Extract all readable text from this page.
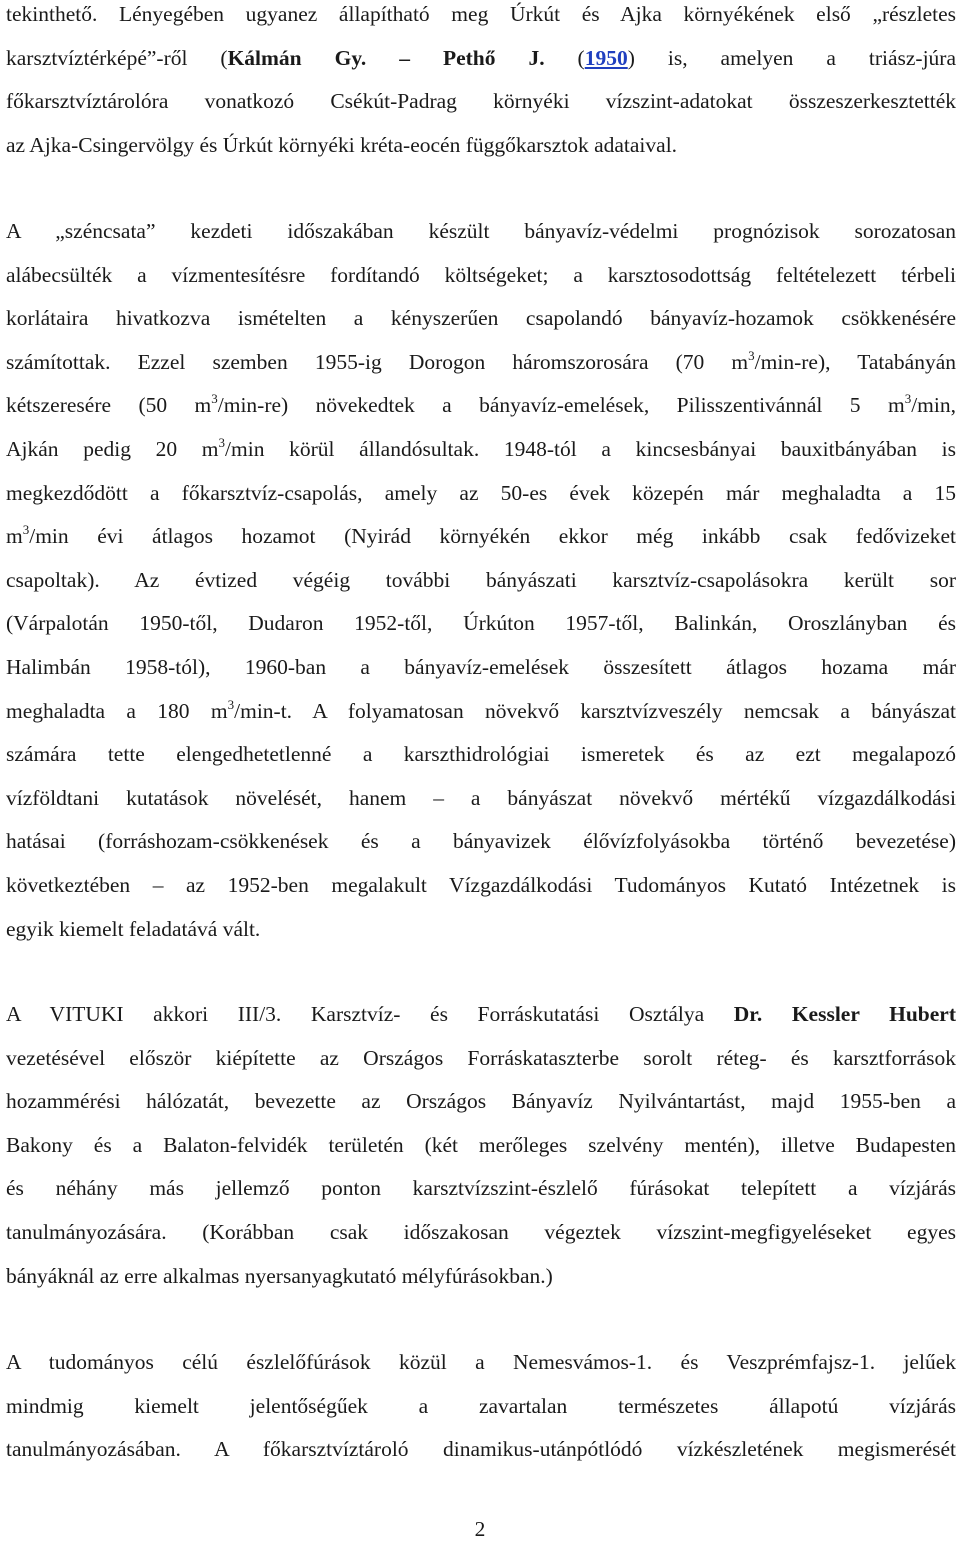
tekinthető. Lényegében ugyanez állapítható meg Úrkút és Ajka környékének első „részletes
karsztvíztérképé”-ről (Kálmán Gy. – Pethő J. (1950) is, amelyen a triász-júra
főkarsztvíztárolóra vonatkozó Csékút-Padrag környéki vízszint-adatokat összeszerkesztették
az Ajka-Csingervölgy és Úrkút környéki kréta-eocén függőkarsztok adataival.
A „széncsata” kezdeti időszakában készült bányavíz-védelmi prognózisok sorozatosan
alábecsülték a vízmentesítésre fordítandó költségeket; a karsztosodottság feltételezett térbeli
korlátaira hivatkozva ismételten a kényszerűen csapolandó bányavíz-hozamok csökkenésére
számítottak. Ezzel szemben 1955-ig Dorogon háromszorosára (70 $m^3/\min-re$), Tatabányán
kétszeresére (50 $m^3/\min-re$) növekedtek a bányavíz-emelések, Pilisszentivánnál 5 $m^3/\min$,
Ajkán pedig 20 $m^3/\min$ körül állandósultak. 1948-tól a kincsesbányai bauxitbányában is
megkezdődött a főkarsztvíz-csapolás, amely az 50-es évek közepén már meghaladta a 15
$m^3/\min$ évi átlagos hozamot (Nyirád környékén ekkor még inkább csak fedővizeket
csapoltak). Az évtized végéig további bányászati karsztvíz-csapolásokra került sor
(Várpalotán 1950-től, Dudaron 1952-től, Úrkúton 1957-től, Balinkán, Oroszlányban és
Halimbán 1958-tól), 1960-ban a bányavíz-emelések összesített átlagos hozama már
meghaladta a 180 $m^3/\min-t$. A folyamatosan növekvő karsztvízveszély nemcsak a bányászat
számára tette elengedhetetlenné a karszthidrológiai ismeretek és az ezt megalapozó
vízföldtani kutatások növelését, hanem – a bányászat növekvő mértékű vízgazdálkodási
hatásai (forráshozam-csökkenések és a bányavizek élővízfolyásokba történő bevezetése)
következtében – az 1952-ben megalakult Vízgazdálkodási Tudományos Kutató Intézetnek is
egyik kiemelt feladatává vált.
A VITUKI akkori III/3. Karsztvíz- és Forráskutatási Osztálya Dr. Kessler Hubert
vezetésével először kiépítette az Országos Forráskataszterbe sorolt réteg- és karsztforrások
hozammérési hálózatát, bevezette az Országos Bányavíz Nyilvántartást, majd 1955-ben a
Bakony és a Balaton-felvidék területén (két merőleges szelvény mentén), illetve Budapesten
és néhány más jellemző ponton karsztvízszint-észlelő fúrásokat telepített a vízjárás
tanulmányozására. (Korábban csak időszakosan végeztek vízszint-megfigyeléseket egyes
bányáknál az erre alkalmas nyersanyagkutató mélyfúrásokban.)
A tudományos célú észlelőfúrások közül a Nemesvámos-1. és Veszprémfajsz-1. jelűek
mindmig kiemelt jelentőségűek a zavartalan természetes állapotú vízjárás
tanulmányozásában. A főkarsztvíztároló dinamikus-utánpótlódó vízkészletének megismerését
2
